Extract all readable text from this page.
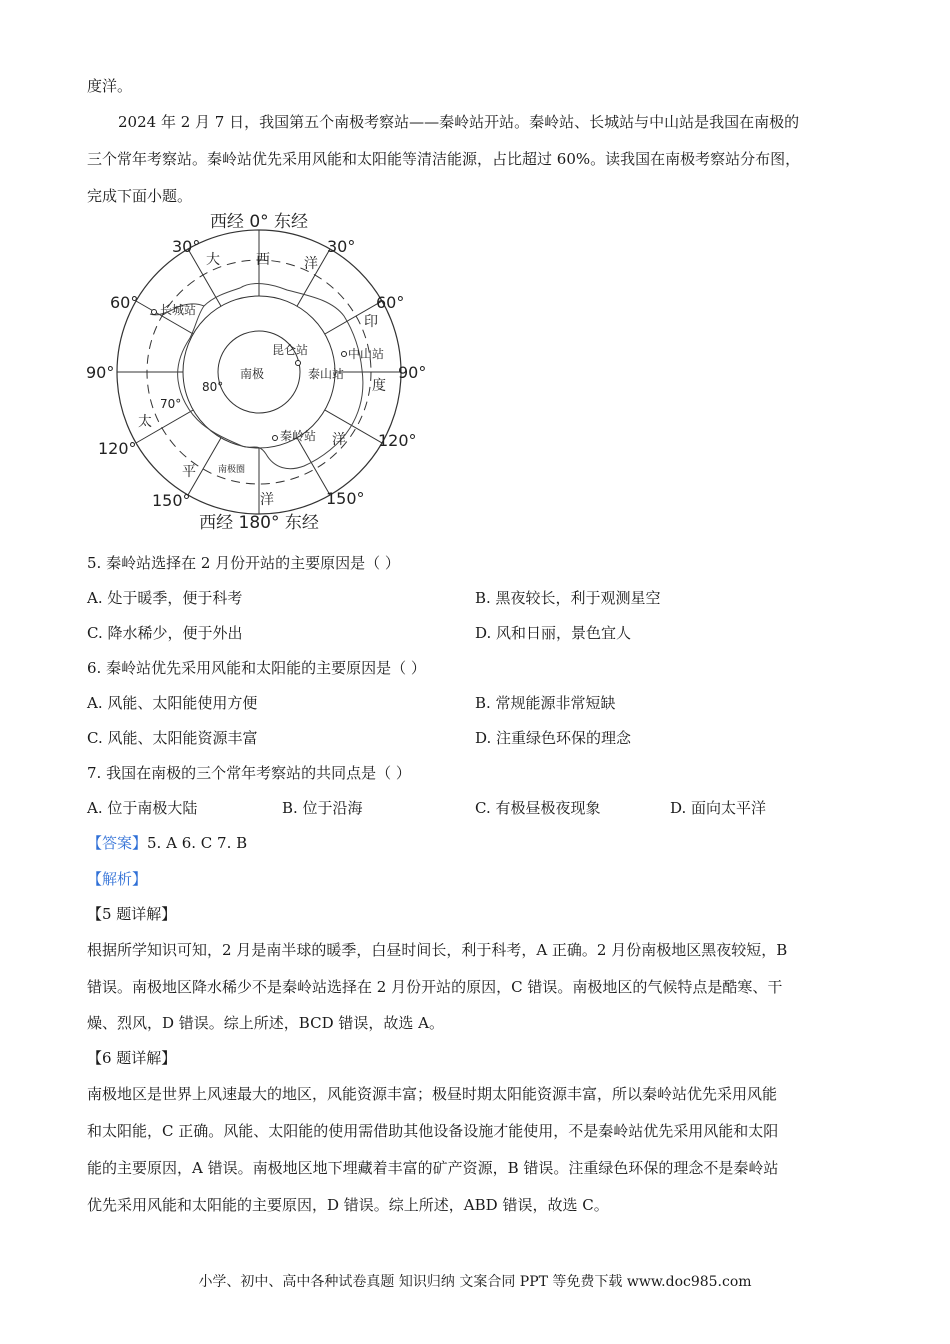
度洋。
2024 年 2 月 7 日，我国第五个南极考察站——秦岭站开站。秦岭站、长城站与中山站是我国在南极的
三个常年考察站。秦岭站优先采用风能和太阳能等清洁能源，占比超过 60%。读我国在南极考察站分布图，
完成下面小题。
西经 0° 东经
西经 180° 东经
30°	30°
60°	60°
90°	90°
120°	120°
150°	150°
大	西 洋
印
度
洋
太
平
洋
80°
70°
南极
南极圈
长城站
昆仑站	中山站
泰山站
秦岭站
5. 秦岭站选择在 2 月份开站的主要原因是（ ）
A. 处于暖季，便于科考	B. 黑夜较长，利于观测星空
C. 降水稀少，便于外出	D. 风和日丽，景色宜人
6. 秦岭站优先采用风能和太阳能的主要原因是（ ）
A. 风能、太阳能使用方便	B. 常规能源非常短缺
C. 风能、太阳能资源丰富	D. 注重绿色环保的理念
7. 我国在南极的三个常年考察站的共同点是（ ）
A. 位于南极大陆	B. 位于沿海	C. 有极昼极夜现象	D. 面向太平洋
【答案】5. A 6. C 7. B
【解析】
【5 题详解】
根据所学知识可知，2 月是南半球的暖季，白昼时间长，利于科考，A 正确。2 月份南极地区黑夜较短，B
错误。南极地区降水稀少不是秦岭站选择在 2 月份开站的原因，C 错误。南极地区的气候特点是酷寒、干
燥、烈风，D 错误。综上所述，BCD 错误，故选 A。
【6 题详解】
南极地区是世界上风速最大的地区，风能资源丰富；极昼时期太阳能资源丰富，所以秦岭站优先采用风能
和太阳能，C 正确。风能、太阳能的使用需借助其他设备设施才能使用，不是秦岭站优先采用风能和太阳
能的主要原因，A 错误。南极地区地下埋藏着丰富的矿产资源，B 错误。注重绿色环保的理念不是秦岭站
优先采用风能和太阳能的主要原因，D 错误。综上所述，ABD 错误，故选 C。
小学、初中、高中各种试卷真题 知识归纳 文案合同 PPT 等免费下载 www.doc985.com
